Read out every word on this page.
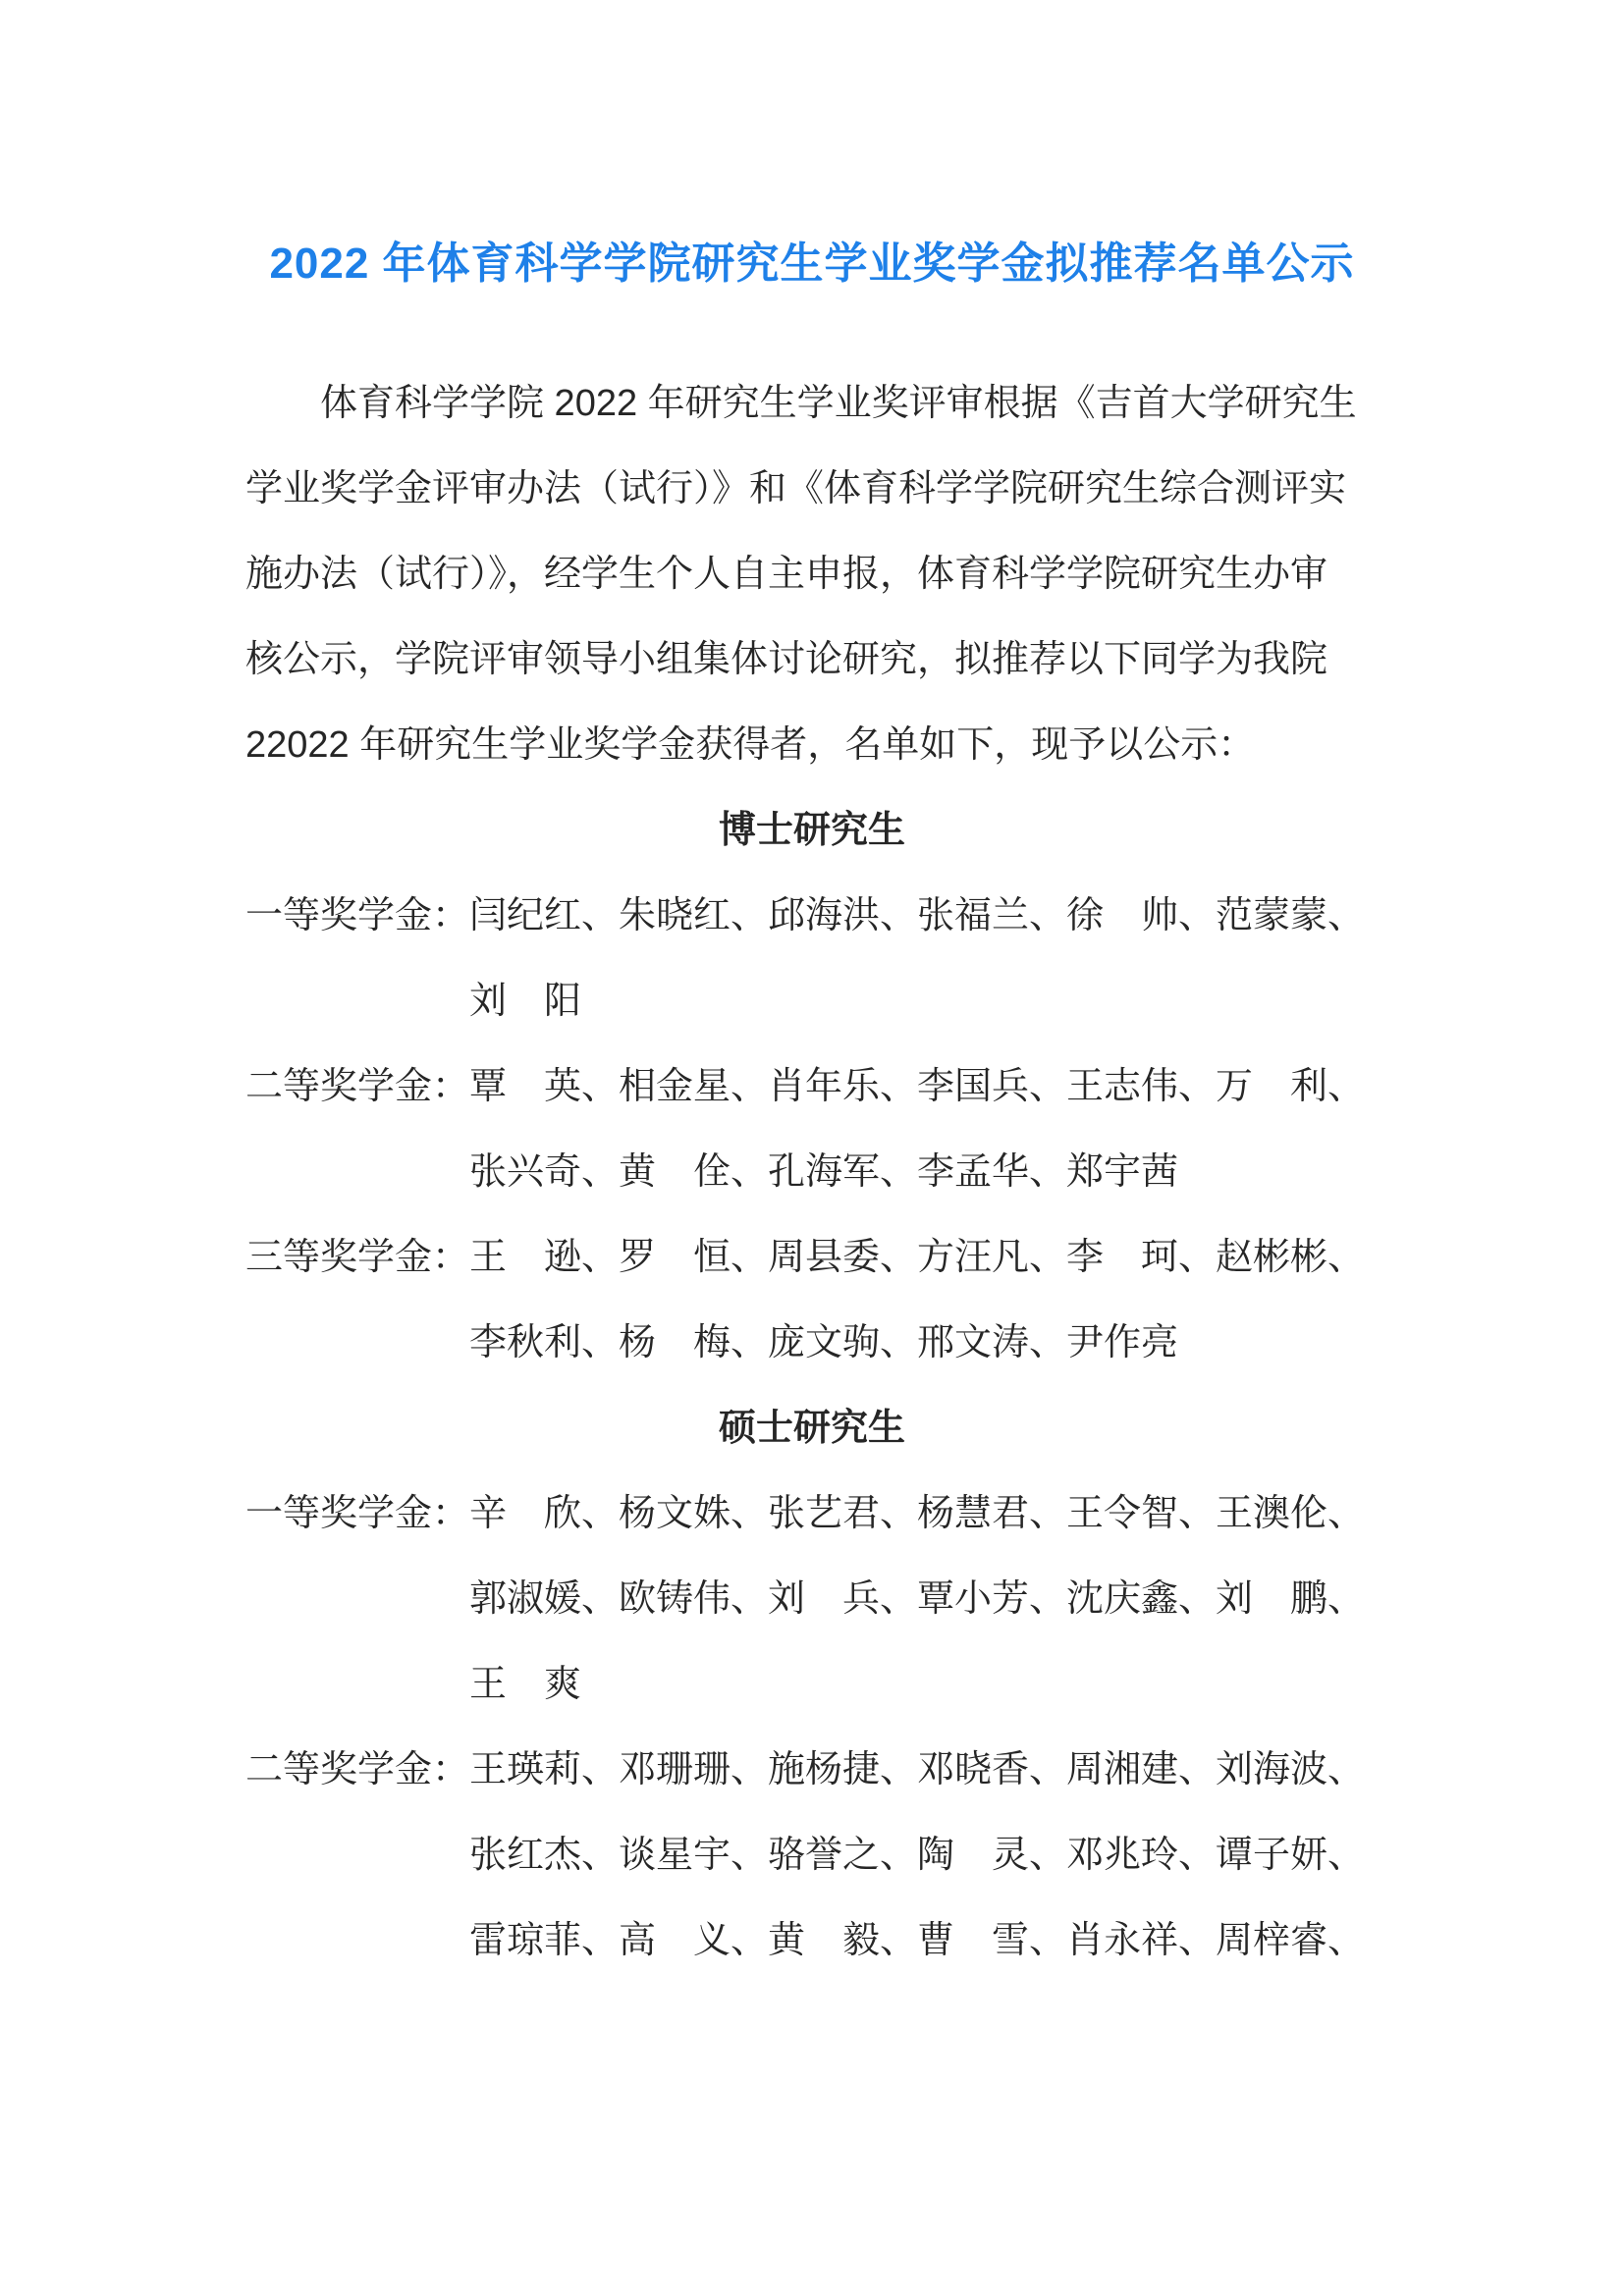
2022 年体育科学学院研究生学业奖学金拟推荐名单公示
体育科学学院 2022 年研究生学业奖评审根据《吉首大学研究生
学业奖学金评审办法（试行）》和《体育科学学院研究生综合测评实
施办法（试行）》，经学生个人自主申报，体育科学学院研究生办审
核公示，学院评审领导小组集体讨论研究，拟推荐以下同学为我院
22022 年研究生学业奖学金获得者，名单如下，现予以公示：
博士研究生
一等奖学金： 闫纪红、朱晓红、邱海洪、张福兰、徐　帅、范蒙蒙、
刘　阳
二等奖学金： 覃　英、相金星、肖年乐、李国兵、王志伟、万　利、
张兴奇、黄　佺、孔海军、李孟华、郑宇茜
三等奖学金： 王　逊、罗　恒、周县委、方汪凡、李　珂、赵彬彬、
李秋利、杨　梅、庞文驹、邢文涛、尹作亮
硕士研究生
一等奖学金： 辛　欣、杨文姝、张艺君、杨慧君、王令智、王澳伦、
郭淑媛、欧铸伟、刘　兵、覃小芳、沈庆鑫、刘　鹏、
王　爽
二等奖学金： 王瑛莉、邓珊珊、施杨捷、邓晓香、周湘建、刘海波、
张红杰、谈星宇、骆誉之、陶　灵、邓兆玲、谭子妍、
雷琼菲、高　义、黄　毅、曹　雪、肖永祥、周梓睿、
